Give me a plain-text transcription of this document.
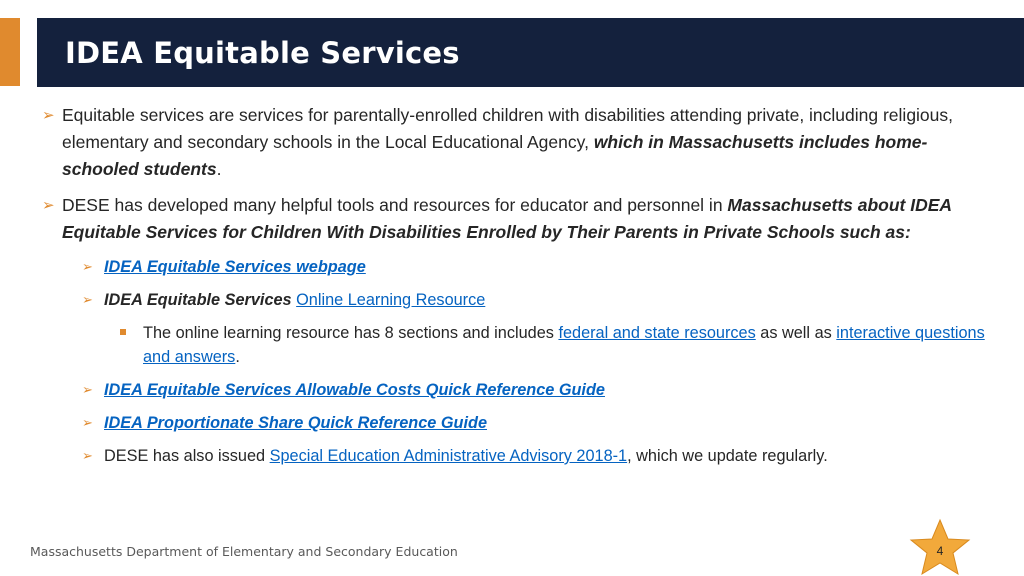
IDEA Equitable Services
➢ Equitable services are services for parentally-enrolled children with disabilities attending private, including religious, elementary and secondary schools in the Local Educational Agency, which in Massachusetts includes home-schooled students.
➢ DESE has developed many helpful tools and resources for educator and personnel in Massachusetts about IDEA Equitable Services for Children With Disabilities Enrolled by Their Parents in Private Schools such as:
➢ IDEA Equitable Services webpage
➢ IDEA Equitable Services Online Learning Resource
The online learning resource has 8 sections and includes federal and state resources as well as interactive questions and answers.
➢ IDEA Equitable Services Allowable Costs Quick Reference Guide
➢ IDEA Proportionate Share Quick Reference Guide
➢ DESE has also issued Special Education Administrative Advisory 2018-1, which we update regularly.
Massachusetts Department of Elementary and Secondary Education	4
